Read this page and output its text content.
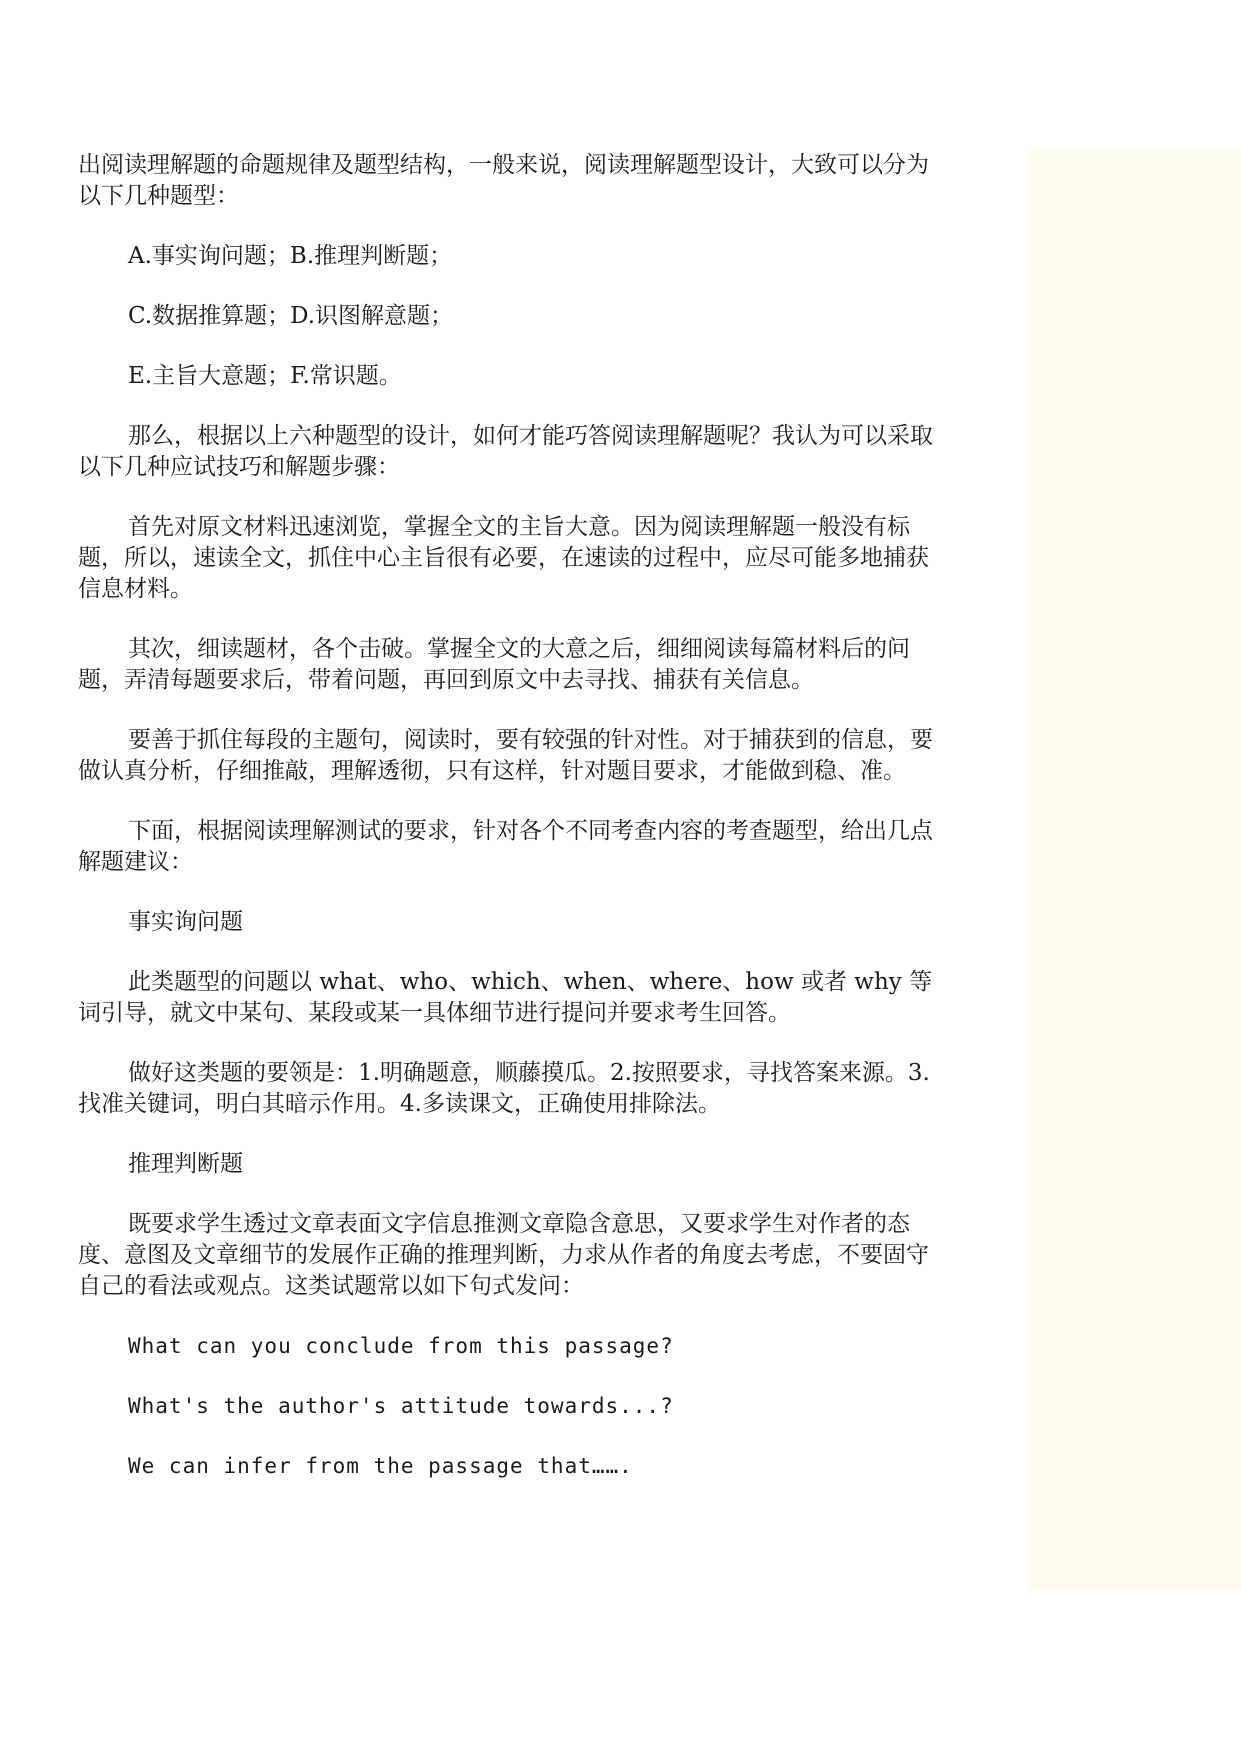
出阅读理解题的命题规律及题型结构，一般来说，阅读理解题型设计，大致可以分为以下几种题型：

A.事实询问题；B.推理判断题；

C.数据推算题；D.识图解意题；

E.主旨大意题；F.常识题。

那么，根据以上六种题型的设计，如何才能巧答阅读理解题呢？我认为可以采取以下几种应试技巧和解题步骤：

首先对原文材料迅速浏览，掌握全文的主旨大意。因为阅读理解题一般没有标题，所以，速读全文，抓住中心主旨很有必要，在速读的过程中，应尽可能多地捕获信息材料。

其次，细读题材，各个击破。掌握全文的大意之后，细细阅读每篇材料后的问题，弄清每题要求后，带着问题，再回到原文中去寻找、捕获有关信息。

要善于抓住每段的主题句，阅读时，要有较强的针对性。对于捕获到的信息，要做认真分析，仔细推敲，理解透彻，只有这样，针对题目要求，才能做到稳、准。

下面，根据阅读理解测试的要求，针对各个不同考查内容的考查题型，给出几点解题建议：

事实询问题

此类题型的问题以 what、who、which、when、where、how 或者 why 等词引导，就文中某句、某段或某一具体细节进行提问并要求考生回答。

做好这类题的要领是：1.明确题意，顺藤摸瓜。2.按照要求，寻找答案来源。3.找准关键词，明白其暗示作用。4.多读课文，正确使用排除法。

推理判断题

既要求学生透过文章表面文字信息推测文章隐含意思，又要求学生对作者的态度、意图及文章细节的发展作正确的推理判断，力求从作者的角度去考虑，不要固守自己的看法或观点。这类试题常以如下句式发问：

What can you conclude from this passage?

What's the author's attitude towards...?

We can infer from the passage that…….
